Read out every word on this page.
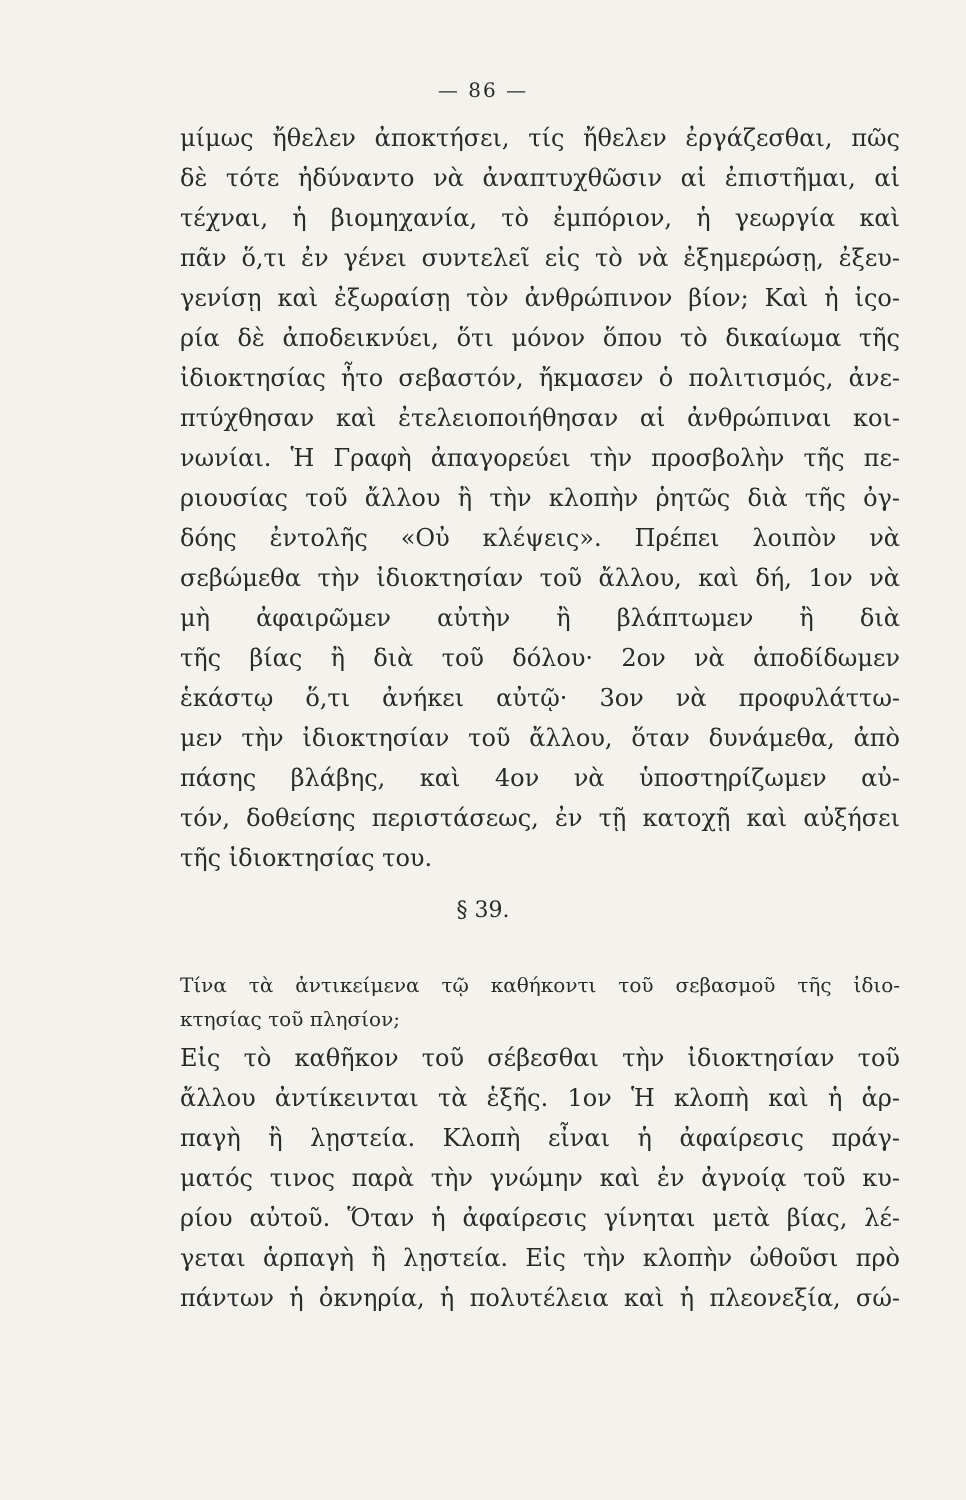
— 86 —
μίμως ἤθελεν ἀποκτήσει, τίς ἤθελεν ἐργάζεσθαι, πῶς
δὲ τότε ἠδύναντο νὰ ἀναπτυχθῶσιν αἱ ἐπιστῆμαι, αἱ
τέχναι, ἡ βιομηχανία, τὸ ἐμπόριον, ἡ γεωργία καὶ
πᾶν ὅ,τι ἐν γένει συντελεῖ εἰς τὸ νὰ ἐξημερώσῃ, ἐξευ-
γενίσῃ καὶ ἐξωραίσῃ τὸν ἀνθρώπινον βίον; Καὶ ἡ ἱςο-
ρία δὲ ἀποδεικνύει, ὅτι μόνον ὅπου τὸ δικαίωμα τῆς
ἰδιοκτησίας ἦτο σεβαστόν, ἤκμασεν ὁ πολιτισμός, ἀνε-
πτύχθησαν καὶ ἐτελειοποιήθησαν αἱ ἀνθρώπιναι κοι-
νωνίαι. Ἡ Γραφὴ ἀπαγορεύει τὴν προσβολὴν τῆς πε-
ριουσίας τοῦ ἄλλου ἢ τὴν κλοπὴν ῥητῶς διὰ τῆς ὀγ-
δόης ἐντολῆς «Οὐ κλέψεις». Πρέπει λοιπὸν νὰ
σεβώμεθα τὴν ἰδιοκτησίαν τοῦ ἄλλου, καὶ δή, 1ον νὰ
μὴ ἀφαιρῶμεν αὐτὴν ἢ βλάπτωμεν ἢ διὰ
τῆς βίας ἢ διὰ τοῦ δόλου· 2ον νὰ ἀποδίδωμεν
ἑκάστῳ ὅ,τι ἀνήκει αὐτῷ· 3ον νὰ προφυλάττω-
μεν τὴν ἰδιοκτησίαν τοῦ ἄλλου, ὅταν δυνάμεθα, ἀπὸ
πάσης βλάβης, καὶ 4ον νὰ ὑποστηρίζωμεν αὐ-
τόν, δοθείσης περιστάσεως, ἐν τῇ κατοχῇ καὶ αὐξήσει
τῆς ἰδιοκτησίας του.
§ 39.
Τίνα τὰ ἀντικείμενα τῷ καθήκοντι τοῦ σεβασμοῦ τῆς ἰδιο-
κτησίας τοῦ πλησίον;
Εἰς τὸ καθῆκον τοῦ σέβεσθαι τὴν ἰδιοκτησίαν τοῦ
ἄλλου ἀντίκεινται τὰ ἑξῆς. 1ον Ἡ κλοπὴ καὶ ἡ ἁρ-
παγὴ ἢ λῃστεία. Κλοπὴ εἶναι ἡ ἀφαίρεσις πράγ-
ματός τινος παρὰ τὴν γνώμην καὶ ἐν ἀγνοίᾳ τοῦ κυ-
ρίου αὐτοῦ. Ὅταν ἡ ἀφαίρεσις γίνηται μετὰ βίας, λέ-
γεται ἁρπαγὴ ἢ λῃστεία. Εἰς τὴν κλοπὴν ὠθοῦσι πρὸ
πάντων ἡ ὀκνηρία, ἡ πολυτέλεια καὶ ἡ πλεονεξία, σώ-
